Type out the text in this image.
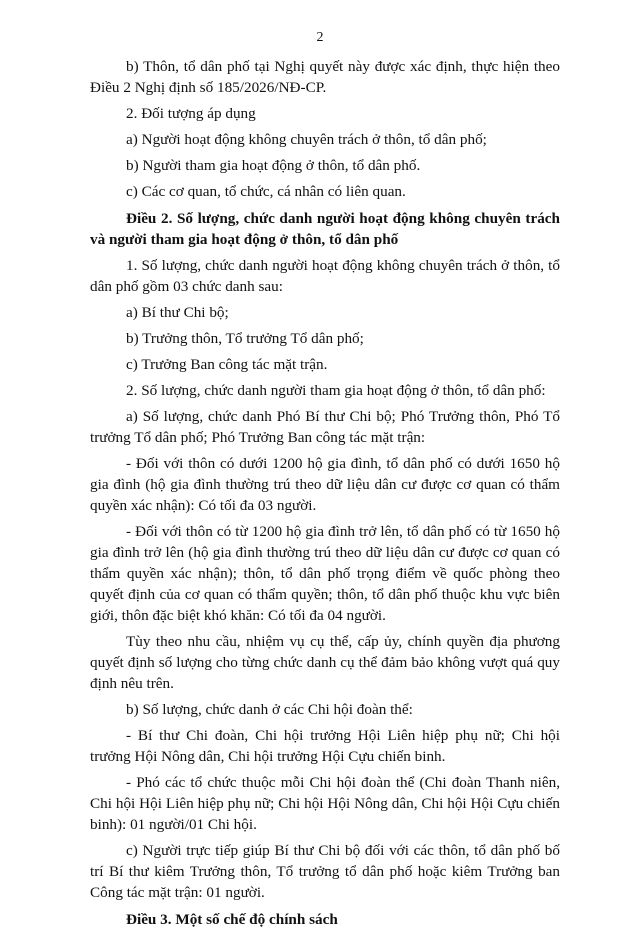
2

b) Thôn, tổ dân phố tại Nghị quyết này được xác định, thực hiện theo Điều 2 Nghị định số 185/2026/NĐ-CP.

2. Đối tượng áp dụng

a) Người hoạt động không chuyên trách ở thôn, tổ dân phố;

b) Người tham gia hoạt động ở thôn, tổ dân phố.

c) Các cơ quan, tổ chức, cá nhân có liên quan.

Điều 2. Số lượng, chức danh người hoạt động không chuyên trách và người tham gia hoạt động ở thôn, tổ dân phố

1. Số lượng, chức danh người hoạt động không chuyên trách ở thôn, tổ dân phố gồm 03 chức danh sau:

a) Bí thư Chi bộ;

b) Trưởng thôn, Tổ trưởng Tổ dân phố;

c) Trưởng Ban công tác mặt trận.

2. Số lượng, chức danh người tham gia hoạt động ở thôn, tổ dân phố:

a) Số lượng, chức danh Phó Bí thư Chi bộ; Phó Trưởng thôn, Phó Tổ trưởng Tổ dân phố; Phó Trưởng Ban công tác mặt trận:

- Đối với thôn có dưới 1200 hộ gia đình, tổ dân phố có dưới 1650 hộ gia đình (hộ gia đình thường trú theo dữ liệu dân cư được cơ quan có thẩm quyền xác nhận): Có tối đa 03 người.

- Đối với thôn có từ 1200 hộ gia đình trở lên, tổ dân phố có từ 1650 hộ gia đình trở lên (hộ gia đình thường trú theo dữ liệu dân cư được cơ quan có thẩm quyền xác nhận); thôn, tổ dân phố trọng điểm về quốc phòng theo quyết định của cơ quan có thẩm quyền; thôn, tổ dân phố thuộc khu vực biên giới, thôn đặc biệt khó khăn: Có tối đa 04 người.

Tùy theo nhu cầu, nhiệm vụ cụ thể, cấp ủy, chính quyền địa phương quyết định số lượng cho từng chức danh cụ thể đảm bảo không vượt quá quy định nêu trên.

b) Số lượng, chức danh ở các Chi hội đoàn thể:

- Bí thư Chi đoàn, Chi hội trưởng Hội Liên hiệp phụ nữ; Chi hội trưởng Hội Nông dân, Chi hội trưởng Hội Cựu chiến binh.

- Phó các tổ chức thuộc mỗi Chi hội đoàn thể (Chi đoàn Thanh niên, Chi hội Hội Liên hiệp phụ nữ; Chi hội Hội Nông dân, Chi hội Hội Cựu chiến binh): 01 người/01 Chi hội.

c) Người trực tiếp giúp Bí thư Chi bộ đối với các thôn, tổ dân phố bố trí Bí thư kiêm Trưởng thôn, Tổ trưởng tổ dân phố hoặc kiêm Trưởng ban Công tác mặt trận: 01 người.

Điều 3. Một số chế độ chính sách
